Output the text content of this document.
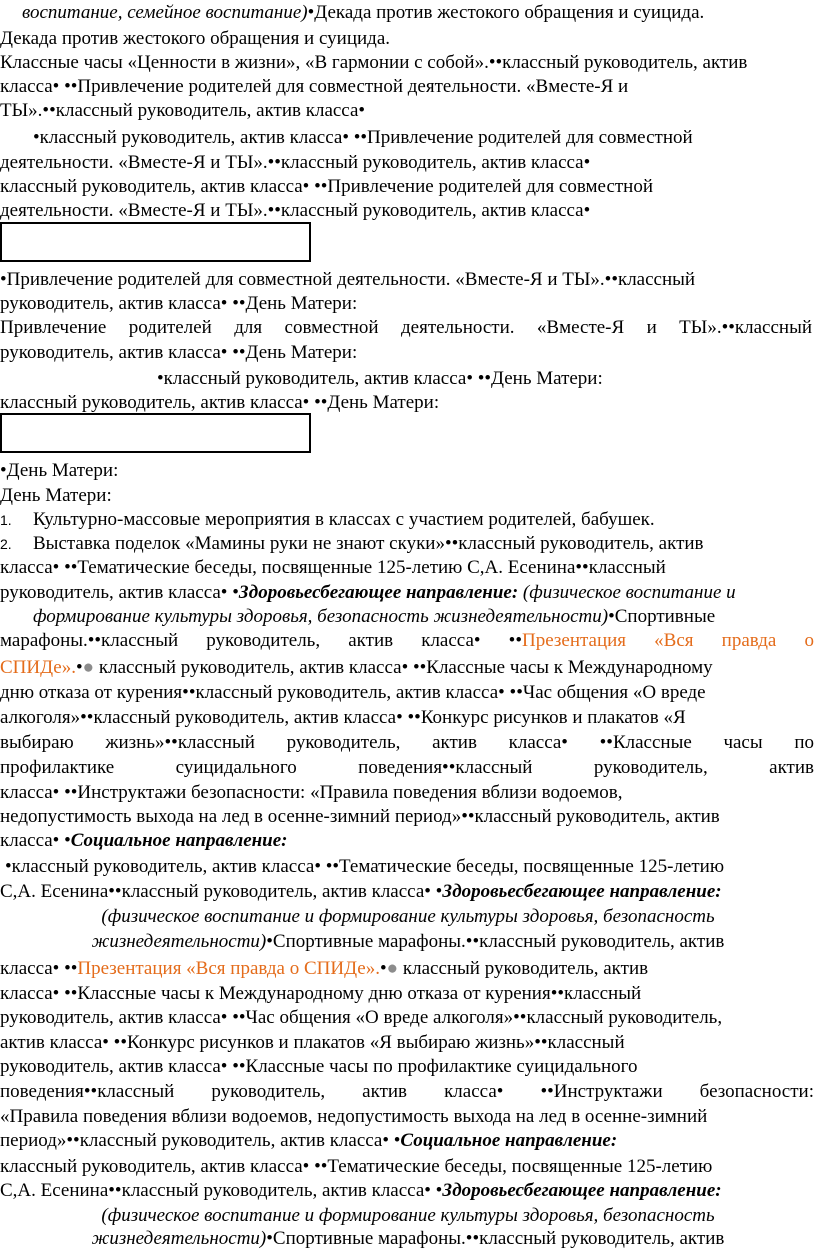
воспитание, семейное воспитание)•Декада против жестокого обращения и суицида.
Декада против жестокого обращения и суицида.
Классные часы «Ценности в жизни», «В гармонии с собой».••классный руководитель, актив
класса• ••Привлечение родителей для совместной деятельности. «Вместе-Я и
ТЫ».••классный руководитель, актив класса•
•классный руководитель, актив класса• ••Привлечение родителей для совместной
деятельности. «Вместе-Я и ТЫ».••классный руководитель, актив класса•
классный руководитель, актив класса• ••Привлечение родителей для совместной
деятельности. «Вместе-Я и ТЫ».••классный руководитель, актив класса•
•Привлечение родителей для совместной деятельности. «Вместе-Я и ТЫ».••классный
руководитель, актив класса• ••День Матери:
Привлечение родителей для совместной деятельности. «Вместе-Я и ТЫ».••классный
руководитель, актив класса• ••День Матери:
•классный руководитель, актив класса• ••День Матери:
классный руководитель, актив класса• ••День Матери:
•День Матери:
День Матери:
1. Культурно-массовые мероприятия в классах с участием родителей, бабушек.
2. Выставка поделок «Мамины руки не знают скуки»••классный руководитель, актив
класса• ••Тематические беседы, посвященные 125-летию С,А. Есенина••классный
руководитель, актив класса• •Здоровьесбегающее направление: (физическое воспитание и
формирование культуры здоровья, безопасность жизнедеятельности)•Спортивные
марафоны.••классный руководитель, актив класса• ••Презентация «Вся правда о
СПИДе».•● классный руководитель, актив класса• ••Классные часы к Международному
дню отказа от курения••классный руководитель, актив класса• ••Час общения «О вреде
алкоголя»••классный руководитель, актив класса• ••Конкурс рисунков и плакатов «Я
выбираю жизнь»••классный руководитель, актив класса• ••Классные часы по
профилактике суицидального поведения••классный руководитель, актив
класса• ••Инструктажи безопасности: «Правила поведения вблизи водоемов,
недопустимость выхода на лед в осенне-зимний период»••классный руководитель, актив
класса• •Социальное направление:
•классный руководитель, актив класса• ••Тематические беседы, посвященные 125-летию
С,А. Есенина••классный руководитель, актив класса• •Здоровьесбегающее направление:
(физическое воспитание и формирование культуры здоровья, безопасность
жизнедеятельности)•Спортивные марафоны.••классный руководитель, актив
класса• ••Презентация «Вся правда о СПИДе».•● классный руководитель, актив
класса• ••Классные часы к Международному дню отказа от курения••классный
руководитель, актив класса• ••Час общения «О вреде алкоголя»••классный руководитель,
актив класса• ••Конкурс рисунков и плакатов «Я выбираю жизнь»••классный
руководитель, актив класса• ••Классные часы по профилактике суицидального
поведения••классный руководитель, актив класса• ••Инструктажи безопасности:
«Правила поведения вблизи водоемов, недопустимость выхода на лед в осенне-зимний
период»••классный руководитель, актив класса• •Социальное направление:
классный руководитель, актив класса• ••Тематические беседы, посвященные 125-летию
С,А. Есенина••классный руководитель, актив класса• •Здоровьесбегающее направление:
(физическое воспитание и формирование культуры здоровья, безопасность
жизнедеятельности)•Спортивные марафоны.••классный руководитель, актив
